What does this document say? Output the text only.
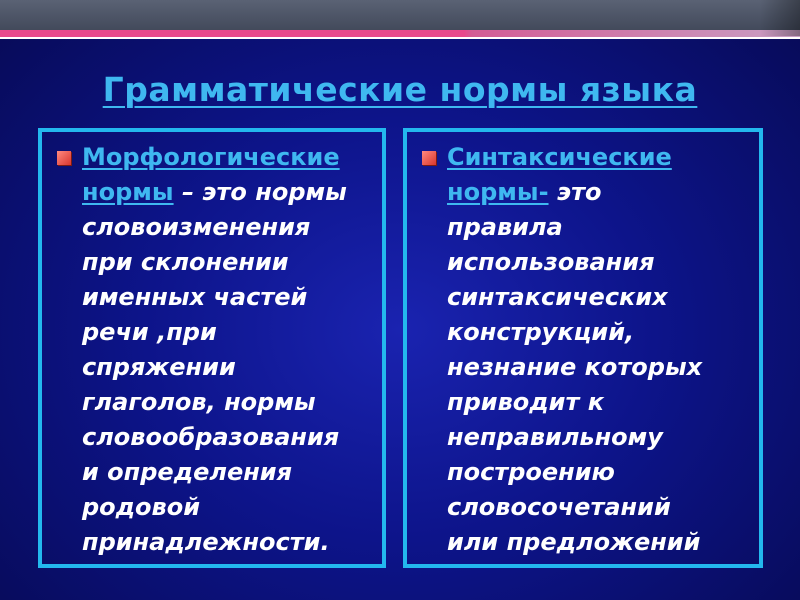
Грамматические нормы языка
Морфологические
нормы – это нормы
словоизменения
при склонении
именных частей
речи ,при
спряжении
глаголов, нормы
словообразования
и определения
родовой
принадлежности.
Синтаксические
нормы- это
правила
использования
синтаксических
конструкций,
незнание которых
приводит к
неправильному
построению
словосочетаний
или предложений
